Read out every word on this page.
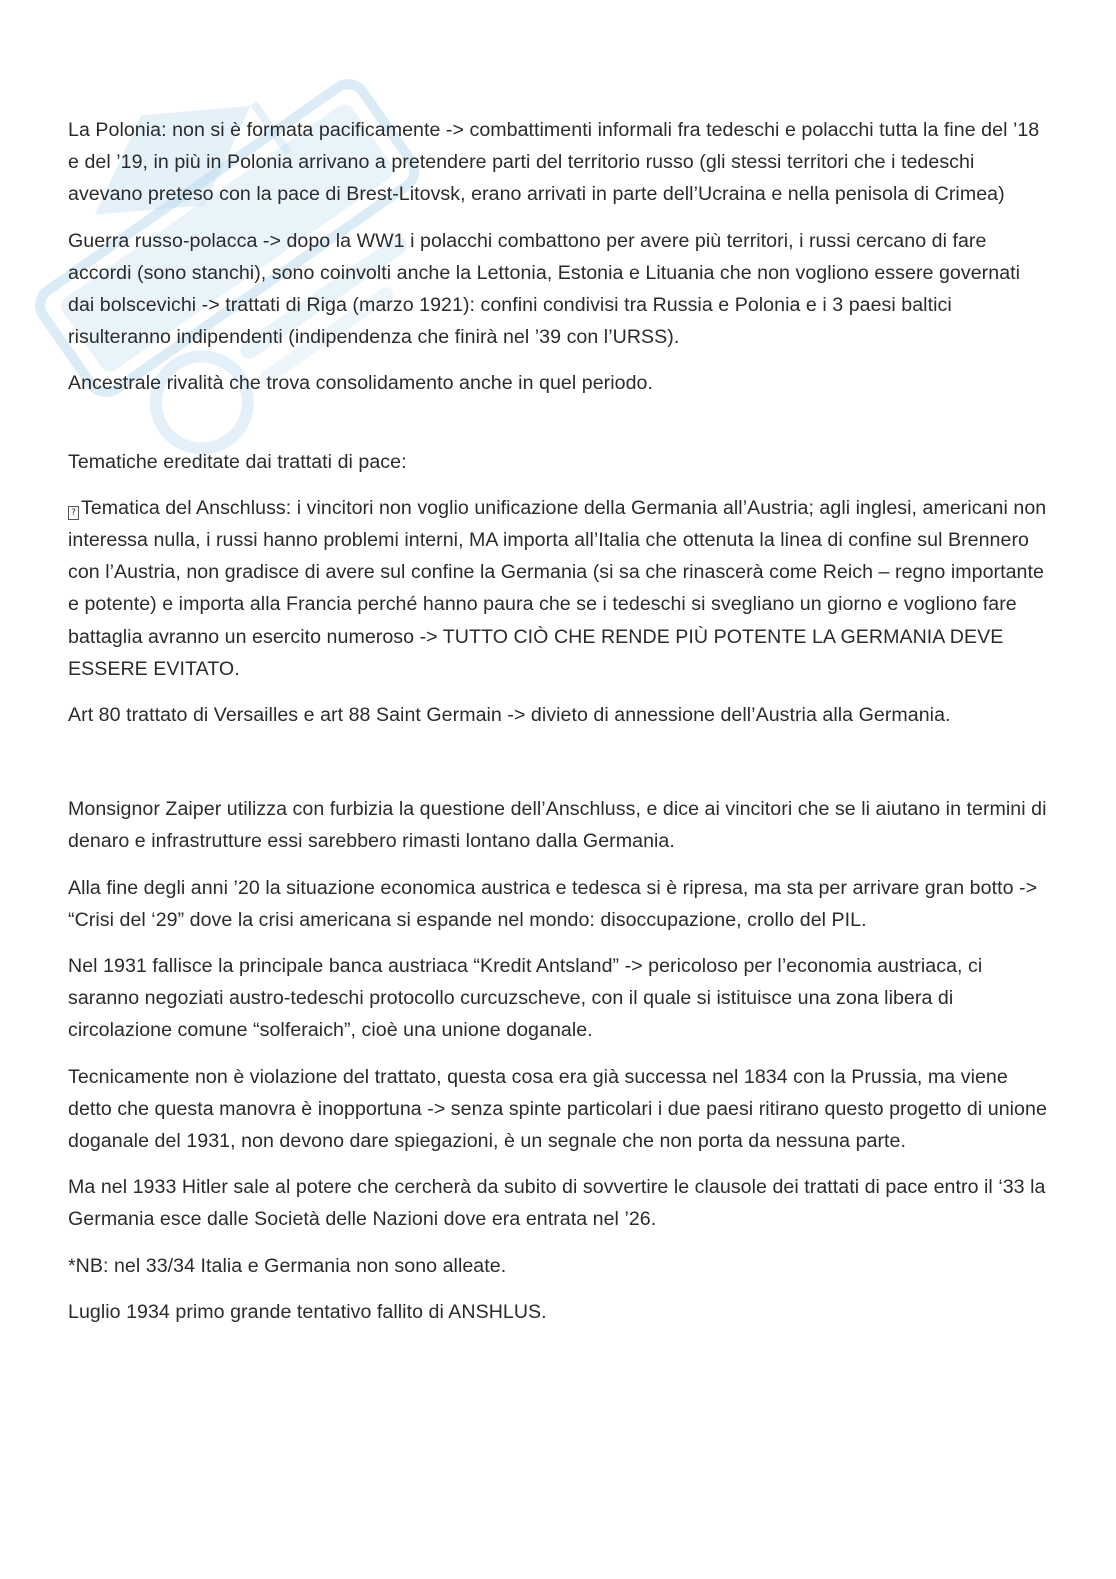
La Polonia: non si è formata pacificamente -> combattimenti informali fra tedeschi e polacchi tutta la fine del ’18 e del ’19, in più in Polonia arrivano a pretendere parti del territorio russo (gli stessi territori che i tedeschi avevano preteso con la pace di Brest-Litovsk, erano arrivati in parte dell’Ucraina e nella penisola di Crimea)

Guerra russo-polacca -> dopo la WW1 i polacchi combattono per avere più territori, i russi cercano di fare accordi (sono stanchi), sono coinvolti anche la Lettonia, Estonia e Lituania che non vogliono essere governati dai bolscevichi -> trattati di Riga (marzo 1921): confini condivisi tra Russia e Polonia e i 3 paesi baltici risulteranno indipendenti (indipendenza che finirà nel ’39 con l’URSS).

Ancestrale rivalità che trova consolidamento anche in quel periodo.

Tematiche ereditate dai trattati di pace:

? Tematica del Anschluss: i vincitori non voglio unificazione della Germania all’Austria; agli inglesi, americani non interessa nulla, i russi hanno problemi interni, MA importa all’Italia che ottenuta la linea di confine sul Brennero con l’Austria, non gradisce di avere sul confine la Germania (si sa che rinascerà come Reich – regno importante e potente) e importa alla Francia perché hanno paura che se i tedeschi si svegliano un giorno e vogliono fare battaglia avranno un esercito numeroso -> TUTTO CIÒ CHE RENDE PIÙ POTENTE LA GERMANIA DEVE ESSERE EVITATO.

Art 80 trattato di Versailles e art 88 Saint Germain -> divieto di annessione dell’Austria alla Germania.

Monsignor Zaiper utilizza con furbizia la questione dell’Anschluss, e dice ai vincitori che se li aiutano in termini di denaro e infrastrutture essi sarebbero rimasti lontano dalla Germania.

Alla fine degli anni ’20 la situazione economica austrica e tedesca si è ripresa, ma sta per arrivare gran botto -> “Crisi del ‘29” dove la crisi americana si espande nel mondo: disoccupazione, crollo del PIL.

Nel 1931 fallisce la principale banca austriaca “Kredit Antsland” -> pericoloso per l’economia austriaca, ci saranno negoziati austro-tedeschi protocollo curcuzscheve, con il quale si istituisce una zona libera di circolazione comune “solferaich”, cioè una unione doganale.

Tecnicamente non è violazione del trattato, questa cosa era già successa nel 1834 con la Prussia, ma viene detto che questa manovra è inopportuna -> senza spinte particolari i due paesi ritirano questo progetto di unione doganale del 1931, non devono dare spiegazioni, è un segnale che non porta da nessuna parte.

Ma nel 1933 Hitler sale al potere che cercherà da subito di sovvertire le clausole dei trattati di pace entro il ‘33 la Germania esce dalle Società delle Nazioni dove era entrata nel ’26.

*NB: nel 33/34 Italia e Germania non sono alleate.

Luglio 1934 primo grande tentativo fallito di ANSHLUS.
